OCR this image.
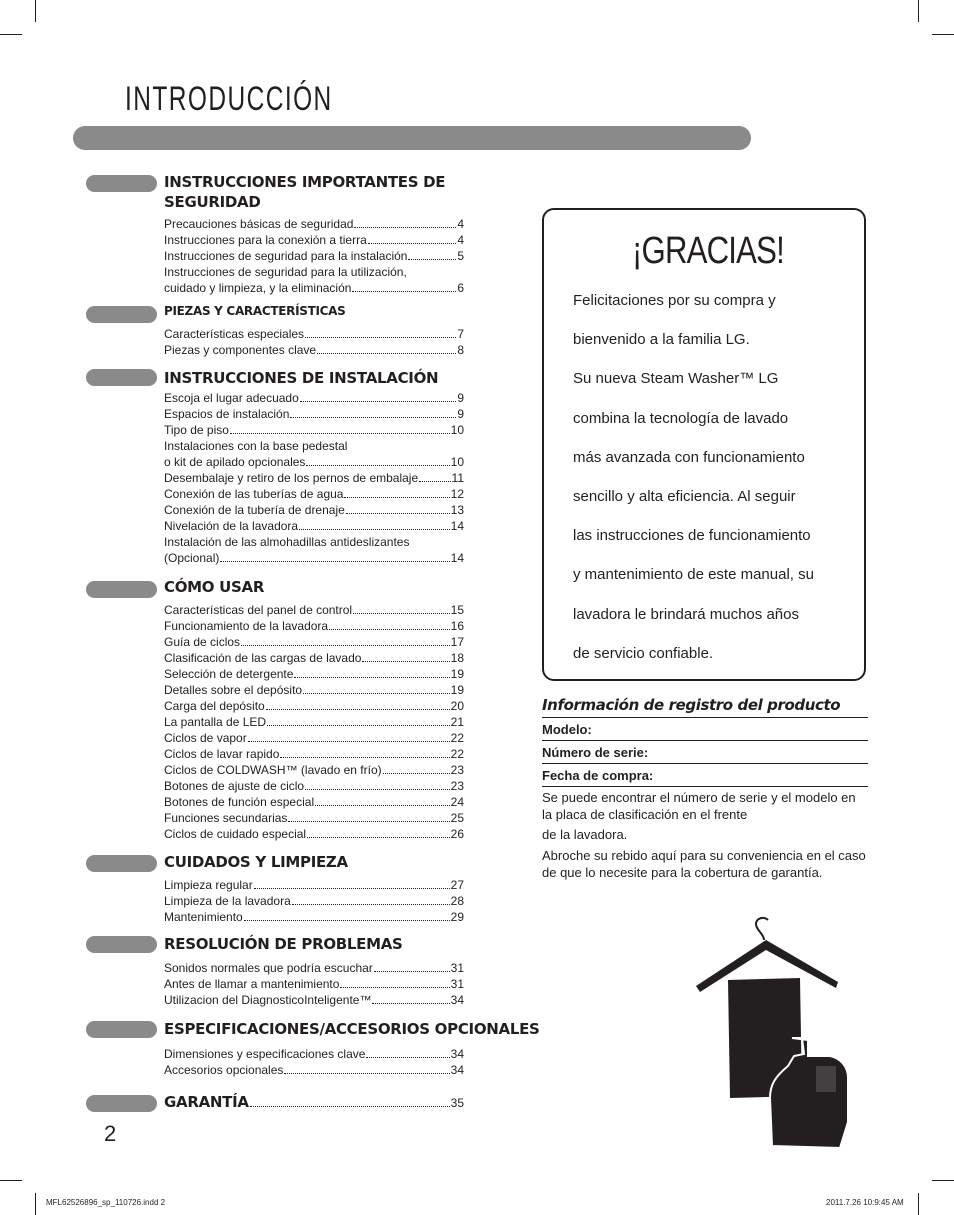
INTRODUCCIÓN
INSTRUCCIONES IMPORTANTES DE SEGURIDAD
Precauciones básicas de seguridad	4
Instrucciones para la conexión a tierra	4
Instrucciones de seguridad para la instalación	5
Instrucciones de seguridad para la utilización,
cuidado y limpieza, y la eliminación	6
PIEZAS Y CARACTERÍSTICAS
Características especiales	7
Piezas y componentes clave	8
INSTRUCCIONES DE INSTALACIÓN
Escoja el lugar adecuado	9
Espacios de instalación	9
Tipo de piso	10
Instalaciones con la base pedestal
o kit de apilado opcionales	10
Desembalaje y retiro de los pernos de embalaje	11
Conexión de las tuberías de agua	12
Conexión de la tubería de drenaje	13
Nivelación de la lavadora	14
Instalación de las almohadillas antideslizantes
(Opcional)	14
CÓMO USAR
Características del panel de control	15
Funcionamiento de la lavadora	16
Guía de ciclos	17
Clasificación de las cargas de lavado	18
Selección de detergente	19
Detalles sobre el depósito	19
Carga del depósito	20
La pantalla de LED	21
Ciclos de vapor	22
Ciclos de lavar rapido	22
Ciclos de COLDWASH™ (lavado en frío)	23
Botones de ajuste de ciclo	23
Botones de función especial	24
Funciones secundarias	25
Ciclos de cuidado especial	26
CUIDADOS Y LIMPIEZA
Limpieza regular	27
Limpieza de la lavadora	28
Mantenimiento	29
RESOLUCIÓN DE PROBLEMAS
Sonidos normales que podría escuchar	31
Antes de llamar a mantenimiento	31
Utilizacion del DiagnosticoInteligente™	34
ESPECIFICACIONES/ACCESORIOS OPCIONALES
Dimensiones y especificaciones clave	34
Accesorios opcionales	34
GARANTÍA	35
2
¡GRACIAS!
Felicitaciones por su compra y
bienvenido a la familia LG.
Su nueva Steam Washer™ LG
combina la tecnología de lavado
más avanzada con funcionamiento
sencillo y alta eficiencia. Al seguir
las instrucciones de funcionamiento
y mantenimiento de este manual, su
lavadora le brindará muchos años
de servicio confiable.
Información de registro del producto
Modelo:
Número de serie:
Fecha de compra:
Se puede encontrar el número de serie y el modelo en la placa de clasificación en el frente
de la lavadora.
Abroche su rebido aquí para su conveniencia en el caso de que lo necesite para la cobertura de garantía.
MFL62526896_sp_110726.indd 2	2011.7.26 10:9:45 AM
